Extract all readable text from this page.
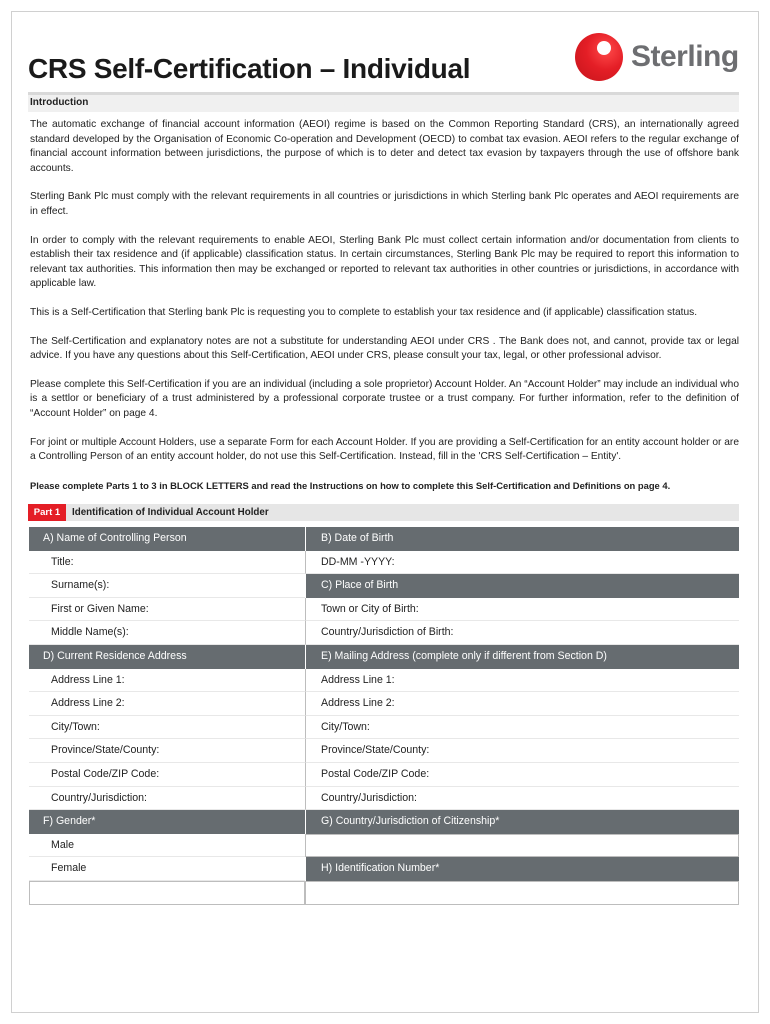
CRS Self-Certification – Individual	Sterling
Introduction

The automatic exchange of financial account information (AEOI) regime is based on the Common Reporting Standard (CRS), an internationally agreed standard developed by the Organisation of Economic Co-operation and Development (OECD) to combat tax evasion. AEOI refers to the regular exchange of financial account information between jurisdictions, the purpose of which is to deter and detect tax evasion by taxpayers through the use of offshore bank accounts.

Sterling Bank Plc must comply with the relevant requirements in all countries or jurisdictions in which Sterling bank Plc operates and AEOI requirements are in effect.

In order to comply with the relevant requirements to enable AEOI, Sterling Bank Plc must collect certain information and/or documentation from clients to establish their tax residence and (if applicable) classification status. In certain circumstances, Sterling Bank Plc may be required to report this information to relevant tax authorities. This information then may be exchanged or reported to relevant tax authorities in other countries or jurisdictions, in accordance with applicable law.

This is a Self-Certification that Sterling bank Plc is requesting you to complete to establish your tax residence and (if applicable) classification status.

The Self-Certification and explanatory notes are not a substitute for understanding AEOI under CRS . The Bank does not, and cannot, provide tax or legal advice. If you have any questions about this Self-Certification, AEOI under CRS, please consult your tax, legal, or other professional advisor.

Please complete this Self-Certification if you are an individual (including a sole proprietor) Account Holder. An “Account Holder” may include an individual who is a settlor or beneficiary of a trust administered by a professional corporate trustee or a trust company. For further information, refer to the definition of “Account Holder” on page 4.

For joint or multiple Account Holders, use a separate Form for each Account Holder. If you are providing a Self-Certification for an entity account holder or are a Controlling Person of an entity account holder, do not use this Self-Certification. Instead, fill in the 'CRS Self-Certification – Entity'.

Please complete Parts 1 to 3 in BLOCK LETTERS and read the Instructions on how to complete this Self-Certification and Definitions on page 4.

Part 1	Identification of Individual Account Holder
A) Name of Controlling Person	B) Date of Birth
Title:	DD-MM -YYYY:
Surname(s):	C) Place of Birth
First or Given Name:	Town or City of Birth:
Middle Name(s):	Country/Jurisdiction of Birth:
D) Current Residence Address	E) Mailing Address (complete only if different from Section D)
Address Line 1:	Address Line 1:
Address Line 2:	Address Line 2:
City/Town:	City/Town:
Province/State/County:	Province/State/County:
Postal Code/ZIP Code:	Postal Code/ZIP Code:
Country/Jurisdiction:	Country/Jurisdiction:
F) Gender*	G) Country/Jurisdiction of Citizenship*
Male
Female	H) Identification Number*
